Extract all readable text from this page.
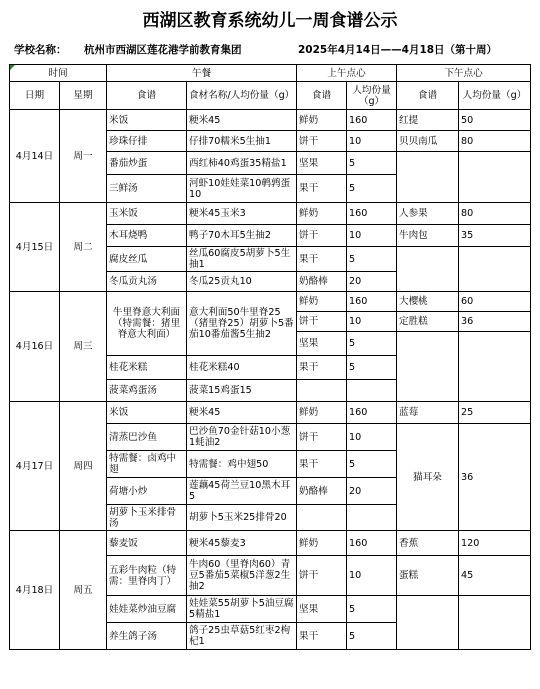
西湖区教育系统幼儿一周食谱公示
学校名称： 杭州市西湖区莲花港学前教育集团	2025年4月14日——4月18日（第十周）
时间		午餐		上午点心		下午点心	
日期	星期	食谱	食材名称/人均份量（g）	食谱	人均份量（g）	食谱	人均份量（g）
4月14日	周一	米饭	粳米45	鲜奶	160	红提	50
		珍珠仔排	仔排70糯米5生抽1	饼干	10	贝贝南瓜	80
		番茄炒蛋	西红柿40鸡蛋35精盐1	坚果	5		
		三鲜汤	河虾10娃娃菜10鹌鹑蛋10	果干	5		
4月15日	周二	玉米饭	粳米45玉米3	鲜奶	160	人参果	80
		木耳烧鸭	鸭子70木耳5生抽2	饼干	10	牛肉包	35
		腐皮丝瓜	丝瓜60腐皮5胡萝卜5生抽1	果干	5		
		冬瓜贡丸汤	冬瓜25贡丸10	奶酪棒	20		
4月16日	周三	牛里脊意大利面（特需餐：猪里脊意大利面）	意大利面50牛里脊25（猪里脊25）胡萝卜5番茄10番茄酱5生抽2	鲜奶	160	大樱桃	60
				饼干	10	定胜糕	36
				坚果	5		
		桂花米糕	桂花米糕40	果干	5		
		菠菜鸡蛋汤	菠菜15鸡蛋15				
4月17日	周四	米饭	粳米45	鲜奶	160	蓝莓	25
		清蒸巴沙鱼	巴沙鱼70金针菇10小葱1蚝油2	饼干	10	猫耳朵	36
		特需餐：卤鸡中翅	特需餐：鸡中翅50	果干	5		
		荷塘小炒	莲藕45荷兰豆10黑木耳5	奶酪棒	20		
		胡萝卜玉米排骨汤	胡萝卜5玉米25排骨20				
4月18日	周五	藜麦饭	粳米45藜麦3	鲜奶	160	香蕉	120
		五彩牛肉粒（特需：里脊肉丁）	牛肉60（里脊肉60）青豆5番茄5菜椒5洋葱2生抽2	饼干	10	蛋糕	45
		娃娃菜炒油豆腐	娃娃菜55胡萝卜5油豆腐5精盐1	坚果	5		
		养生鸽子汤	鸽子25虫草菇5红枣2枸杞1	果干	5		
